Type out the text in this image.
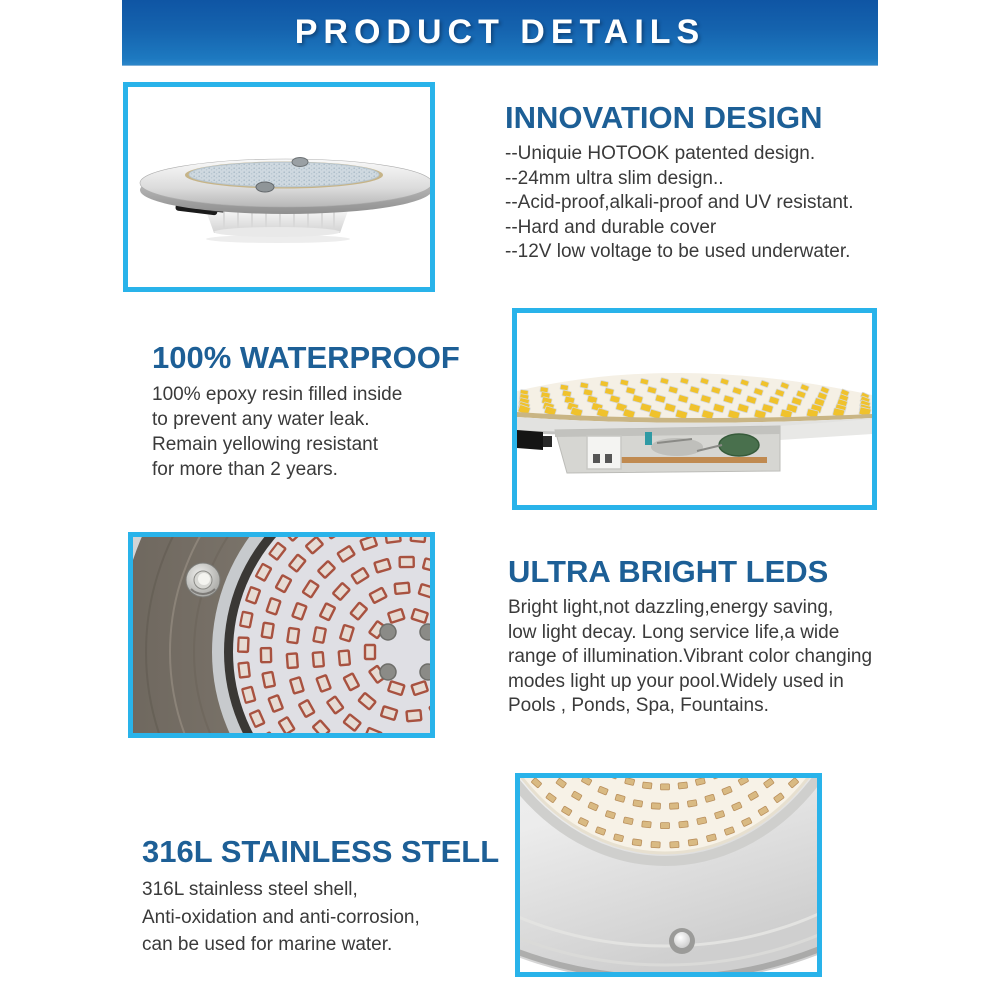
PRODUCT DETAILS
INNOVATION DESIGN

--Uniquie HOTOOK patented design.

--24mm ultra slim design..

--Acid-proof,alkali-proof and UV resistant.

--Hard and durable cover

--12V low voltage to be used underwater.

100% WATERPROOF

100% epoxy resin filled inside

to prevent any water leak.

Remain yellowing resistant

for more than 2 years.

ULTRA BRIGHT LEDS

Bright light,not dazzling,energy saving,

low light decay. Long service life,a wide

range of illumination.Vibrant color changing

modes light up your pool.Widely used in

Pools , Ponds, Spa, Fountains.

316L STAINLESS STELL

316L stainless steel shell,

Anti-oxidation and anti-corrosion,

can be used for marine water.
